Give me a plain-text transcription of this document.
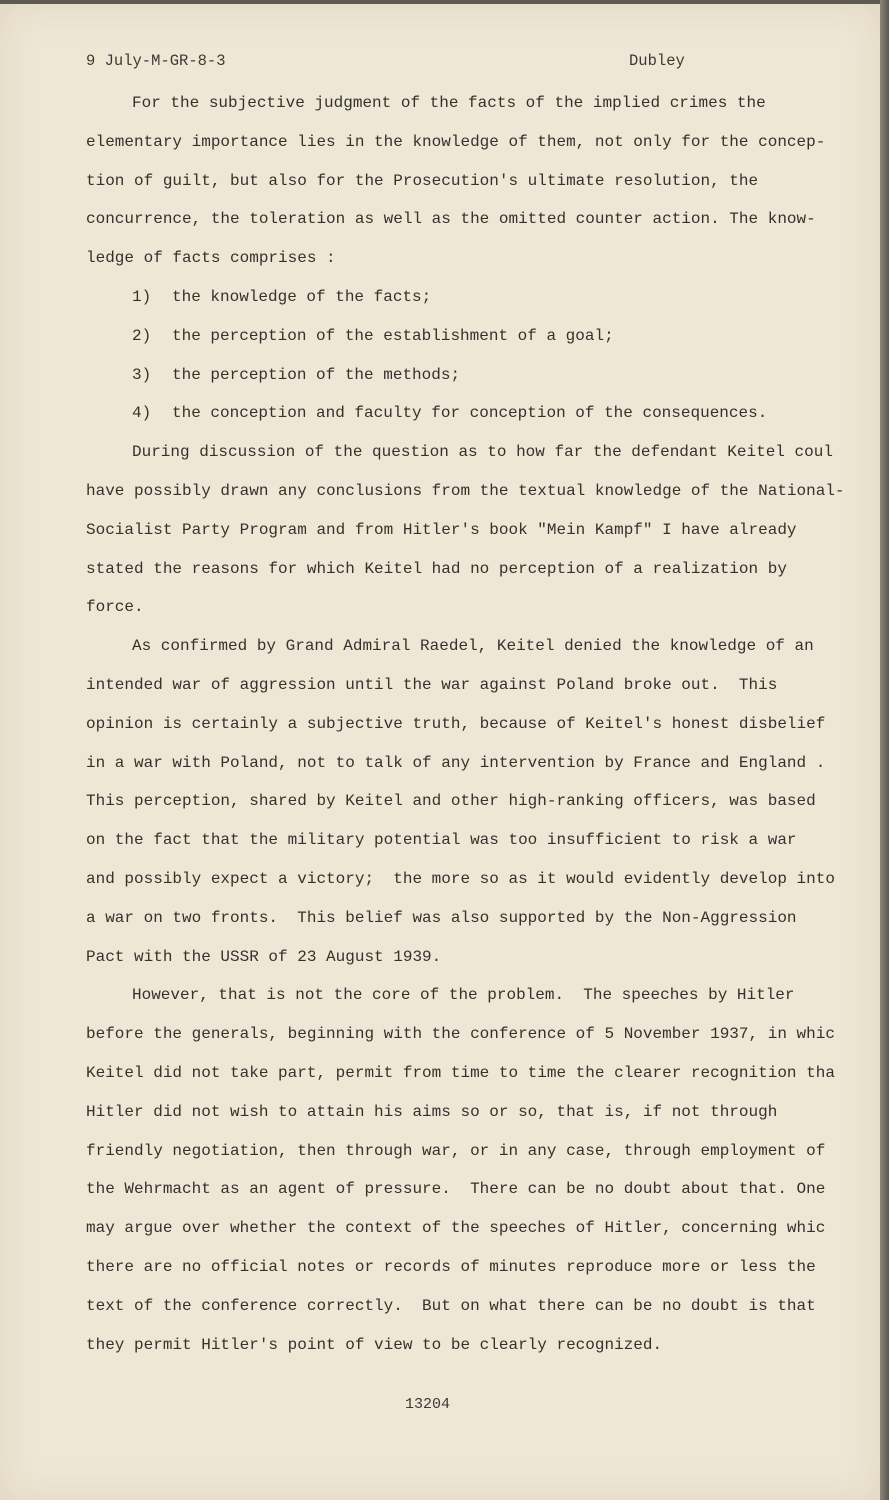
9 July-M-GR-8-3	Dubley
For the subjective judgment of the facts of the implied crimes the
elementary importance lies in the knowledge of them, not only for the concep-
tion of guilt, but also for the Prosecution's ultimate resolution, the
concurrence, the toleration as well as the omitted counter action. The know-
ledge of facts comprises :
1)	the knowledge of the facts;
2)	the perception of the establishment of a goal;
3)	the perception of the methods;
4)	the conception and faculty for conception of the consequences.
During discussion of the question as to how far the defendant Keitel coul
have possibly drawn any conclusions from the textual knowledge of the National-
Socialist Party Program and from Hitler's book "Mein Kampf" I have already
stated the reasons for which Keitel had no perception of a realization by
force.
As confirmed by Grand Admiral Raedel, Keitel denied the knowledge of an
intended war of aggression until the war against Poland broke out.  This
opinion is certainly a subjective truth, because of Keitel's honest disbelief
in a war with Poland, not to talk of any intervention by France and England .
This perception, shared by Keitel and other high-ranking officers, was based
on the fact that the military potential was too insufficient to risk a war
and possibly expect a victory;  the more so as it would evidently develop into
a war on two fronts.  This belief was also supported by the Non-Aggression
Pact with the USSR of 23 August 1939.
However, that is not the core of the problem.  The speeches by Hitler
before the generals, beginning with the conference of 5 November 1937, in whic
Keitel did not take part, permit from time to time the clearer recognition tha
Hitler did not wish to attain his aims so or so, that is, if not through
friendly negotiation, then through war, or in any case, through employment of
the Wehrmacht as an agent of pressure.  There can be no doubt about that. One
may argue over whether the context of the speeches of Hitler, concerning whic
there are no official notes or records of minutes reproduce more or less the
text of the conference correctly.  But on what there can be no doubt is that
they permit Hitler's point of view to be clearly recognized.
13204
